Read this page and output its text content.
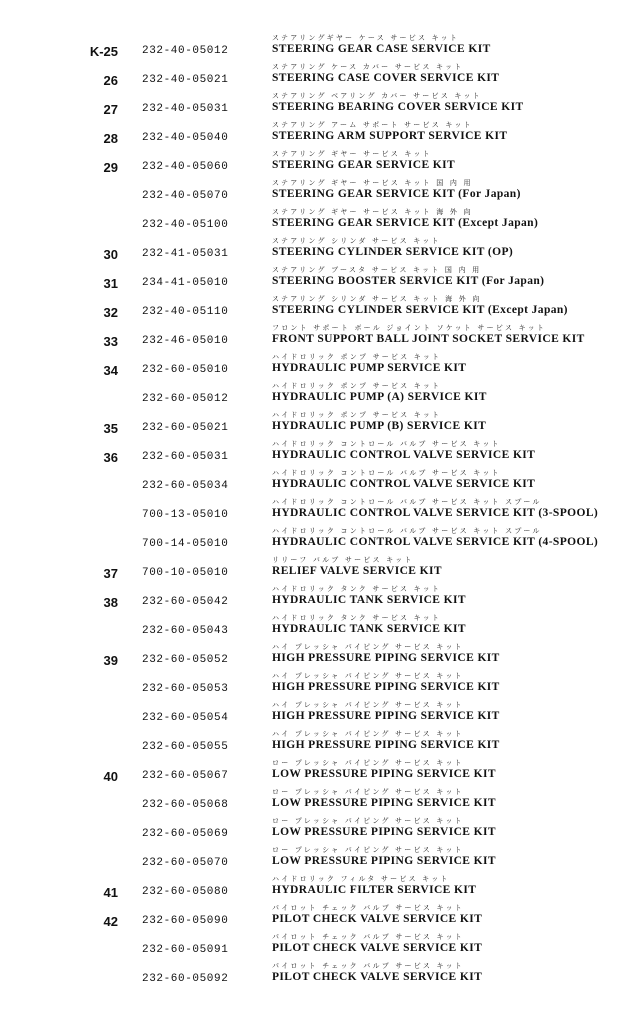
K-25 232-40-05012
ステアリングギヤー ケース サービス キット
STEERING GEAR CASE SERVICE KIT
26 232-40-05021
ステアリング ケース カバー サービス キット
STEERING CASE COVER SERVICE KIT
27 232-40-05031
ステアリング ベアリング カバー サービス キット
STEERING BEARING COVER SERVICE KIT
28 232-40-05040
ステアリング アーム サポート サービス キット
STEERING ARM SUPPORT SERVICE KIT
29 232-40-05060
ステアリング ギヤー サービス キット
STEERING GEAR SERVICE KIT
232-40-05070
ステアリング ギヤー サービス キット 国 内 用
STEERING GEAR SERVICE KIT (For Japan)
232-40-05100
ステアリング ギヤー サービス キット 海 外 向
STEERING GEAR SERVICE KIT (Except Japan)
30 232-41-05031
ステアリング シリンダ サービス キット
STEERING CYLINDER SERVICE KIT (OP)
31 234-41-05010
ステアリング ブースタ サービス キット 国 内 用
STEERING BOOSTER SERVICE KIT (For Japan)
32 232-40-05110
ステアリング シリンダ サービス キット 海 外 向
STEERING CYLINDER SERVICE KIT (Except Japan)
33 232-46-05010
フロント サポート ボール ジョイント ソケット サービス キット
FRONT SUPPORT BALL JOINT SOCKET SERVICE KIT
34 232-60-05010
ハイドロリック ポンプ サービス キット
HYDRAULIC PUMP SERVICE KIT
232-60-05012
ハイドロリック ポンプ サービス キット
HYDRAULIC PUMP (A) SERVICE KIT
35 232-60-05021
ハイドロリック ポンプ サービス キット
HYDRAULIC PUMP (B) SERVICE KIT
36 232-60-05031
ハイドロリック コントロール バルブ サービス キット
HYDRAULIC CONTROL VALVE SERVICE KIT
232-60-05034
ハイドロリック コントロール バルブ サービス キット
HYDRAULIC CONTROL VALVE SERVICE KIT
700-13-05010
ハイドロリック コントロール バルブ サービス キット スプール
HYDRAULIC CONTROL VALVE SERVICE KIT (3-SPOOL)
700-14-05010
ハイドロリック コントロール バルブ サービス キット スプール
HYDRAULIC CONTROL VALVE SERVICE KIT (4-SPOOL)
37 700-10-05010
リリーフ バルブ サービス キット
RELIEF VALVE SERVICE KIT
38 232-60-05042
ハイドロリック タンク サービス キット
HYDRAULIC TANK SERVICE KIT
232-60-05043
ハイドロリック タンク サービス キット
HYDRAULIC TANK SERVICE KIT
39 232-60-05052
ハイ プレッシャ パイピング サービス キット
HIGH PRESSURE PIPING SERVICE KIT
232-60-05053
ハイ プレッシャ パイピング サービス キット
HIGH PRESSURE PIPING SERVICE KIT
232-60-05054
ハイ プレッシャ パイピング サービス キット
HIGH PRESSURE PIPING SERVICE KIT
232-60-05055
ハイ プレッシャ パイピング サービス キット
HIGH PRESSURE PIPING SERVICE KIT
40 232-60-05067
ロー プレッシャ パイピング サービス キット
LOW PRESSURE PIPING SERVICE KIT
232-60-05068
ロー プレッシャ パイピング サービス キット
LOW PRESSURE PIPING SERVICE KIT
232-60-05069
ロー プレッシャ パイピング サービス キット
LOW PRESSURE PIPING SERVICE KIT
232-60-05070
ロー プレッシャ パイピング サービス キット
LOW PRESSURE PIPING SERVICE KIT
41 232-60-05080
ハイドロリック フィルタ サービス キット
HYDRAULIC FILTER SERVICE KIT
42 232-60-05090
パイロット チェック バルブ サービス キット
PILOT CHECK VALVE SERVICE KIT
232-60-05091
パイロット チェック バルブ サービス キット
PILOT CHECK VALVE SERVICE KIT
232-60-05092
パイロット チェック バルブ サービス キット
PILOT CHECK VALVE SERVICE KIT
